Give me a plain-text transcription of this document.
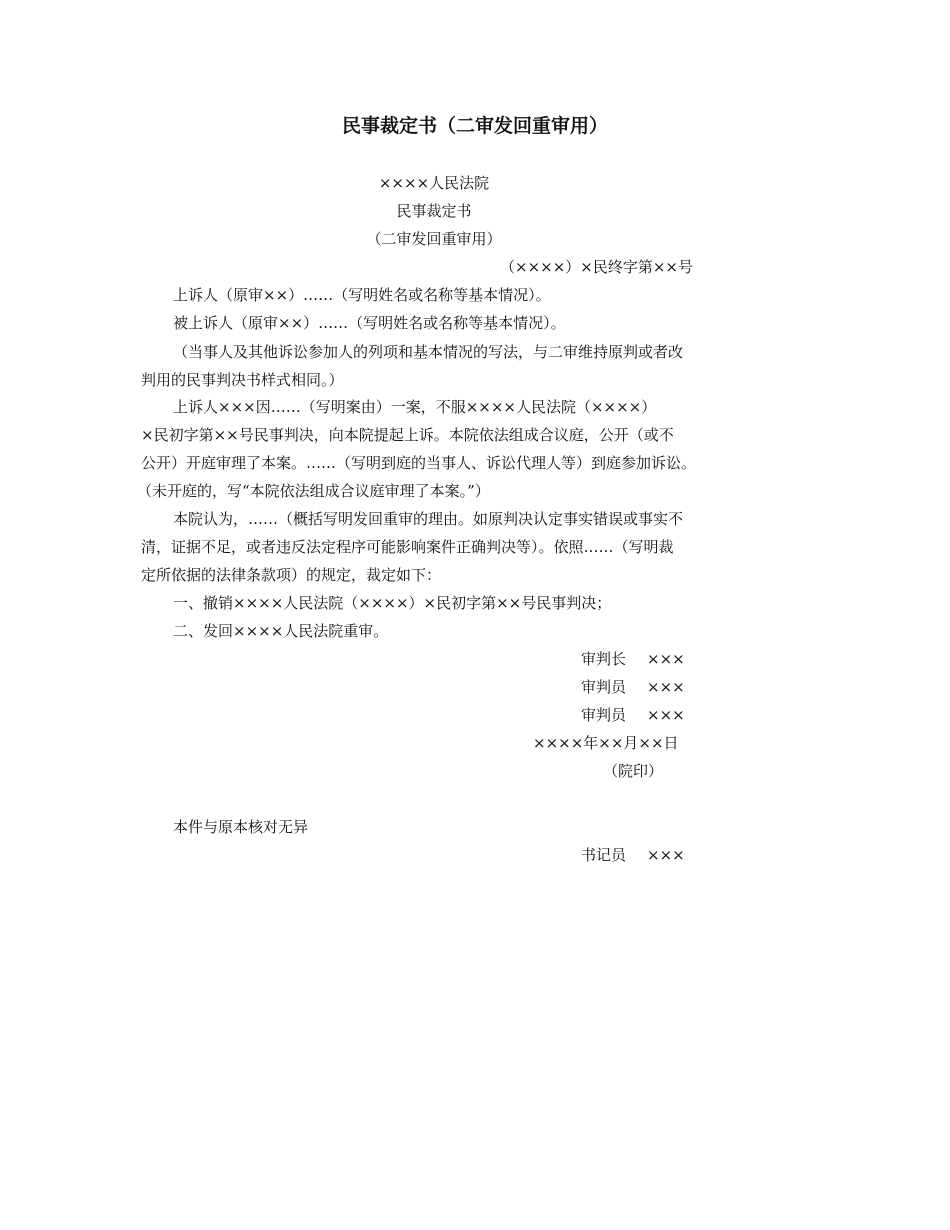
民事裁定书（二审发回重审用）

××××人民法院

民事裁定书

（二审发回重审用）

（××××）×民终字第××号

上诉人（原审××）……（写明姓名或名称等基本情况）。

被上诉人（原审××）……（写明姓名或名称等基本情况）。

（当事人及其他诉讼参加人的列项和基本情况的写法，与二审维持原判或者改

判用的民事判决书样式相同。）

上诉人×××因……（写明案由）一案，不服××××人民法院（××××）

×民初字第××号民事判决，向本院提起上诉。本院依法组成合议庭，公开（或不

公开）开庭审理了本案。……（写明到庭的当事人、诉讼代理人等）到庭参加诉讼。

（未开庭的，写“本院依法组成合议庭审理了本案。”）

本院认为，……（概括写明发回重审的理由。如原判决认定事实错误或事实不

清，证据不足，或者违反法定程序可能影响案件正确判决等）。依照……（写明裁

定所依据的法律条款项）的规定，裁定如下：

一、撤销××××人民法院（××××）×民初字第××号民事判决；

二、发回××××人民法院重审。

审判长 ×××

审判员 ×××

审判员 ×××

××××年××月××日

（院印）

本件与原本核对无异

书记员 ×××
